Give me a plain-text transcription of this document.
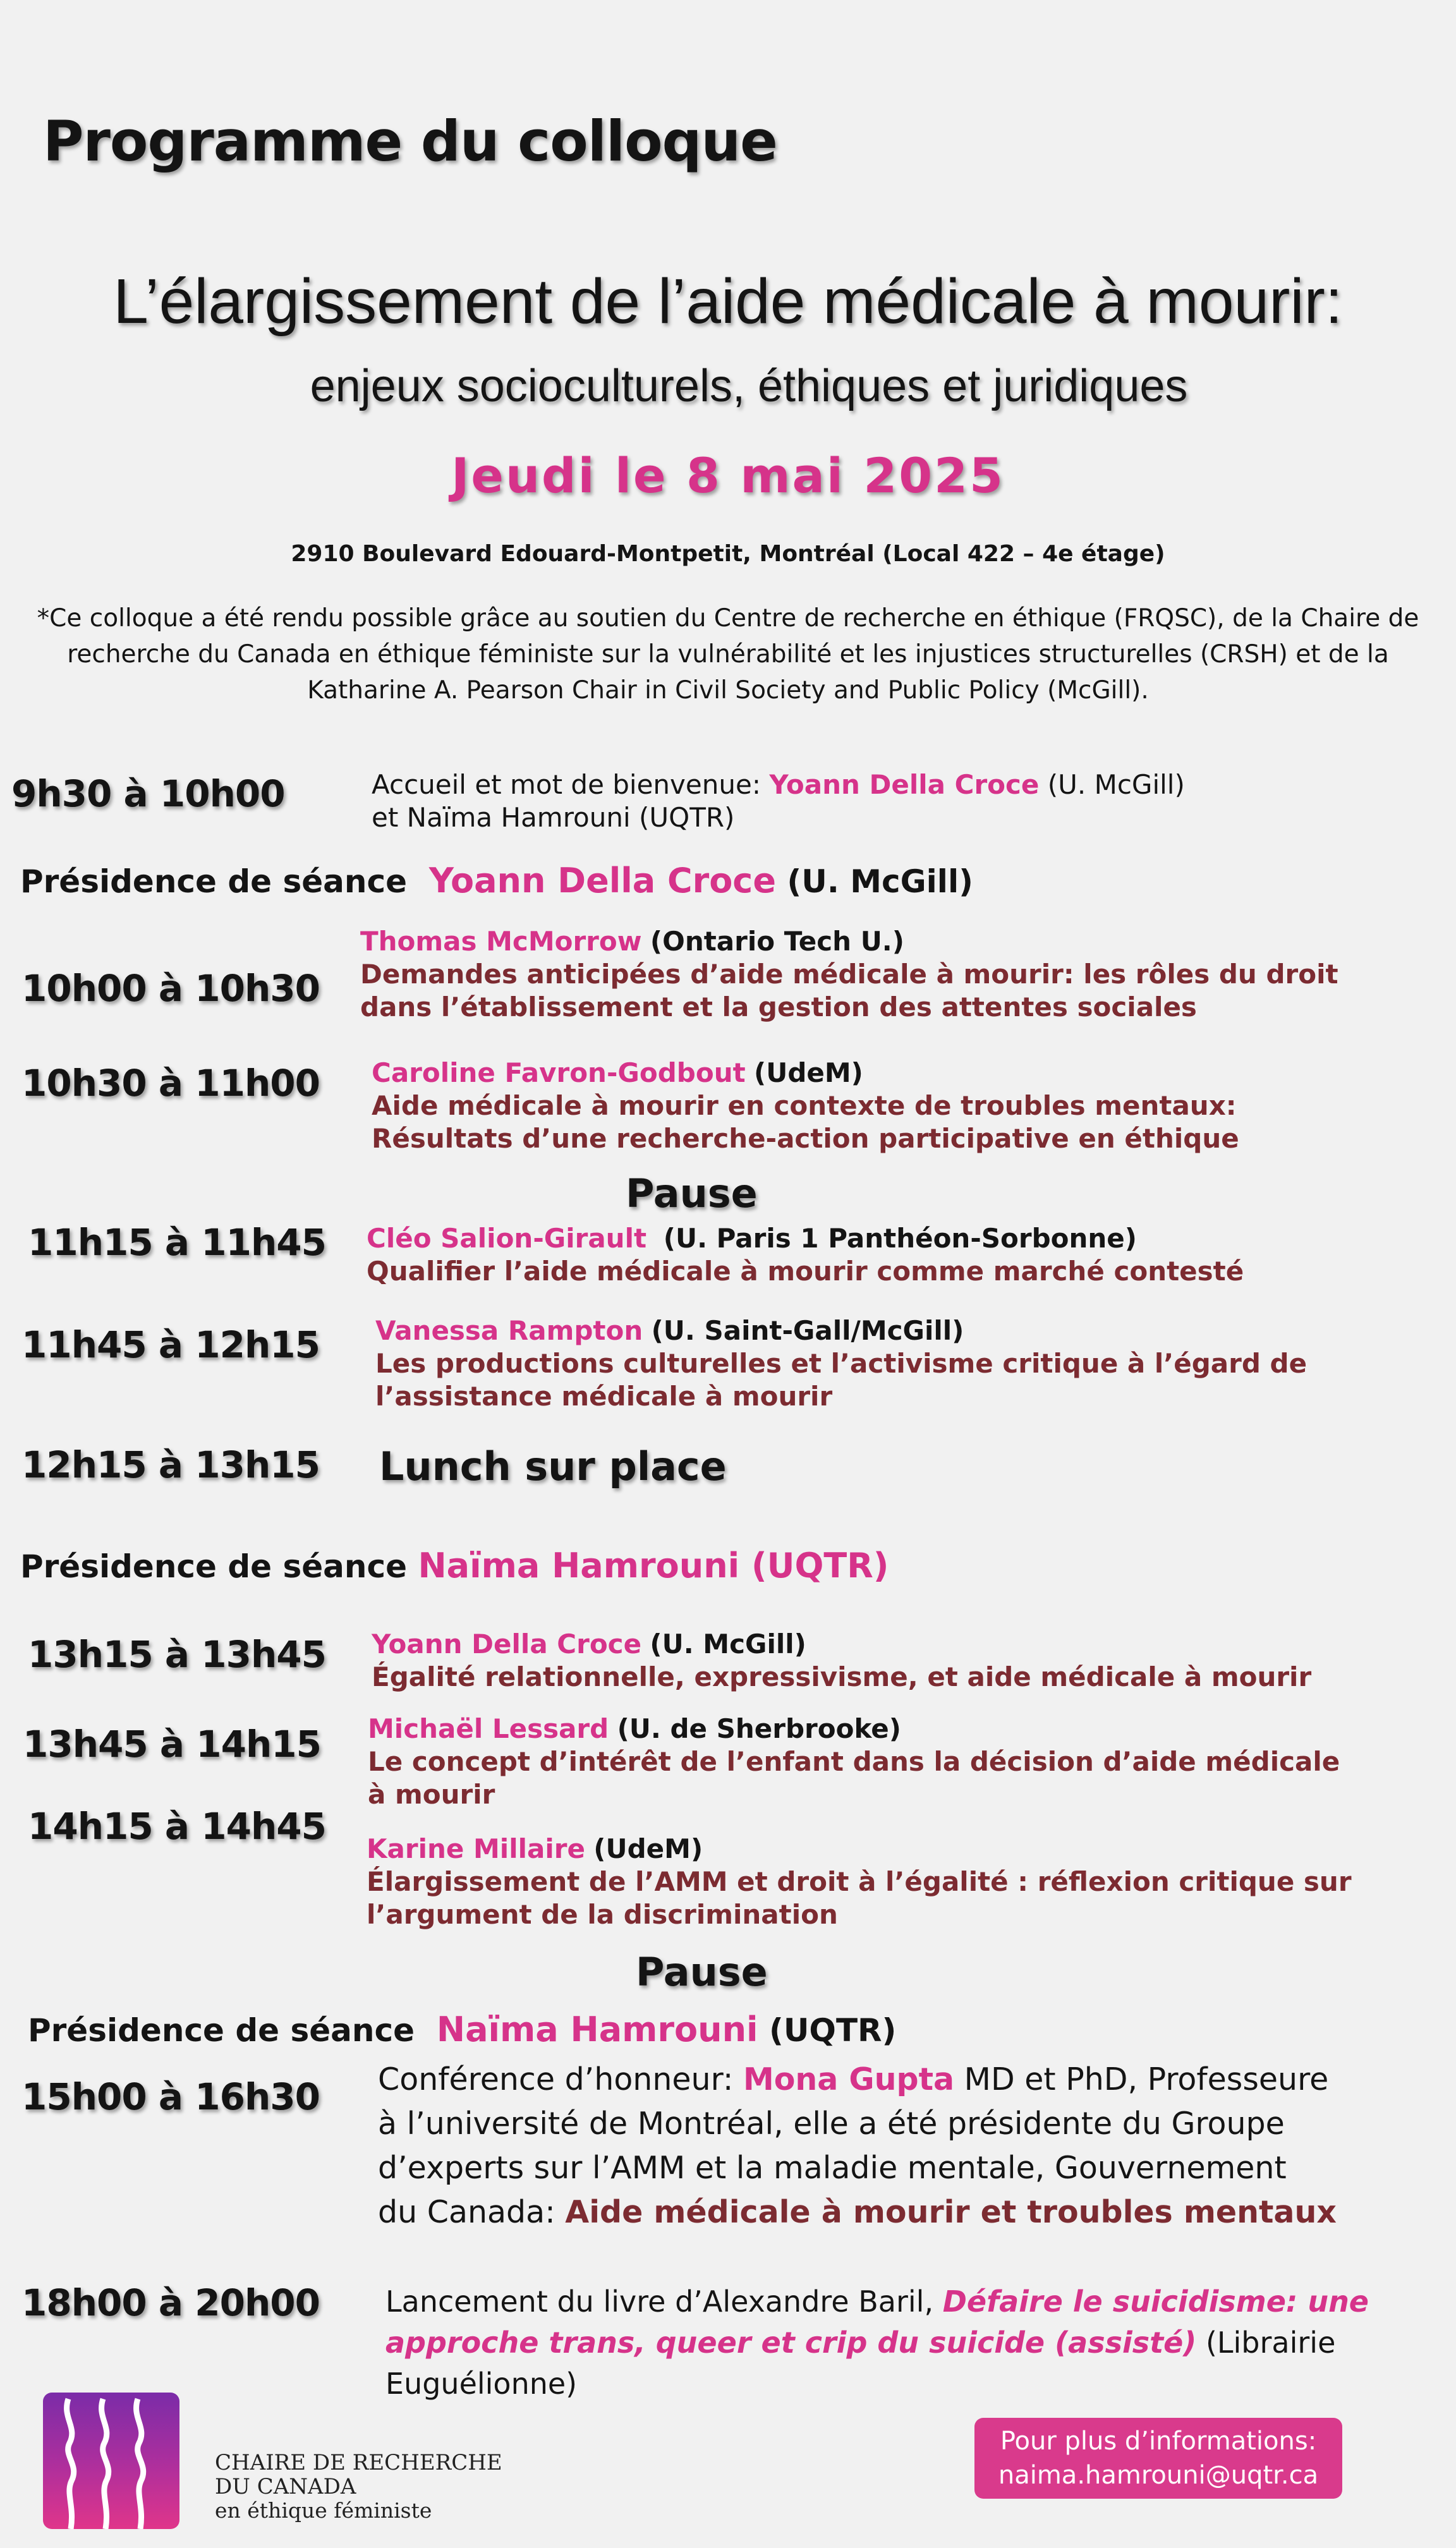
Programme du colloque
L’élargissement de l’aide médicale à mourir:
enjeux socioculturels, éthiques et juridiques
Jeudi le 8 mai 2025
2910 Boulevard Edouard-Montpetit, Montréal (Local 422 – 4e étage)
*Ce colloque a été rendu possible grâce au soutien du Centre de recherche en éthique (FRQSC), de la Chaire de recherche du Canada en éthique féministe sur la vulnérabilité et les injustices structurelles (CRSH) et de la Katharine A. Pearson Chair in Civil Society and Public Policy (McGill).
9h30 à 10h00	Accueil et mot de bienvenue: Yoann Della Croce (U. McGill)
et Naïma Hamrouni (UQTR)
Présidence de séance Yoann Della Croce (U. McGill)
10h00 à 10h30
Thomas McMorrow (Ontario Tech U.)
Demandes anticipées d’aide médicale à mourir: les rôles du droit
dans l’établissement et la gestion des attentes sociales
10h30 à 11h00 Caroline Favron-Godbout (UdeM)
Aide médicale à mourir en contexte de troubles mentaux:
Résultats d’une recherche-action participative en éthique
Pause
11h15 à 11h45 Cléo Salion-Girault (U. Paris 1 Panthéon-Sorbonne)
Qualifier l’aide médicale à mourir comme marché contesté
11h45 à 12h15 Vanessa Rampton (U. Saint-Gall/McGill)
Les productions culturelles et l’activisme critique à l’égard de
l’assistance médicale à mourir
12h15 à 13h15 Lunch sur place
Présidence de séance Naïma Hamrouni (UQTR)
13h15 à 13h45 Yoann Della Croce (U. McGill)
Égalité relationnelle, expressivisme, et aide médicale à mourir
13h45 à 14h15 Michaël Lessard (U. de Sherbrooke)
Le concept d’intérêt de l’enfant dans la décision d’aide médicale
à mourir
14h15 à 14h45
Karine Millaire (UdeM)
Élargissement de l’AMM et droit à l’égalité : réflexion critique sur
l’argument de la discrimination
Pause
Présidence de séance Naïma Hamrouni (UQTR)
15h00 à 16h30 Conférence d’honneur: Mona Gupta MD et PhD, Professeure
à l’université de Montréal, elle a été présidente du Groupe
d’experts sur l’AMM et la maladie mentale, Gouvernement
du Canada: Aide médicale à mourir et troubles mentaux
18h00 à 20h00 Lancement du livre d’Alexandre Baril, Défaire le suicidisme: une
approche trans, queer et crip du suicide (assisté) (Librairie
Euguélionne)
CHAIRE DE RECHERCHE
DU CANADA
en éthique féministe
Pour plus d’informations:
naima.hamrouni@uqtr.ca
